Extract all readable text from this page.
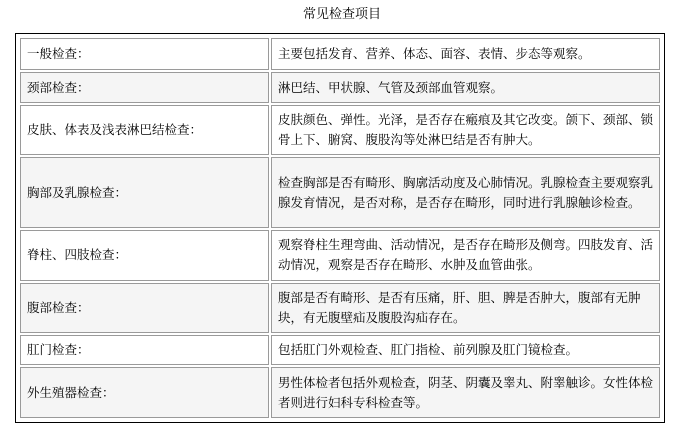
常见检查项目
一般检查：	主要包括发育、营养、体态、面容、表情、步态等观察。
颈部检查：	淋巴结、甲状腺、气管及颈部血管观察。
皮肤、体表及浅表淋巴结检查：	皮肤颜色、弹性。光泽，是否存在瘢痕及其它改变。颌下、颈部、锁骨上下、腑窝、腹股沟等处淋巴结是否有肿大。
胸部及乳腺检查：	检查胸部是否有畸形、胸廓活动度及心肺情况。乳腺检查主要观察乳腺发育情况，是否对称，是否存在畸形，同时进行乳腺触诊检查。
脊柱、四肢检查：	观察脊柱生理弯曲、活动情况，是否存在畸形及侧弯。四肢发育、活动情况，观察是否存在畸形、水肿及血管曲张。
腹部检查：	腹部是否有畸形、是否有压痛，肝、胆、脾是否肿大，腹部有无肿块，有无腹壁疝及腹股沟疝存在。
肛门检查：	包括肛门外观检查、肛门指检、前列腺及肛门镜检查。
外生殖器检查：	男性体检者包括外观检查，阴茎、阴囊及睾丸、附睾触诊。女性体检者则进行妇科专科检查等。
